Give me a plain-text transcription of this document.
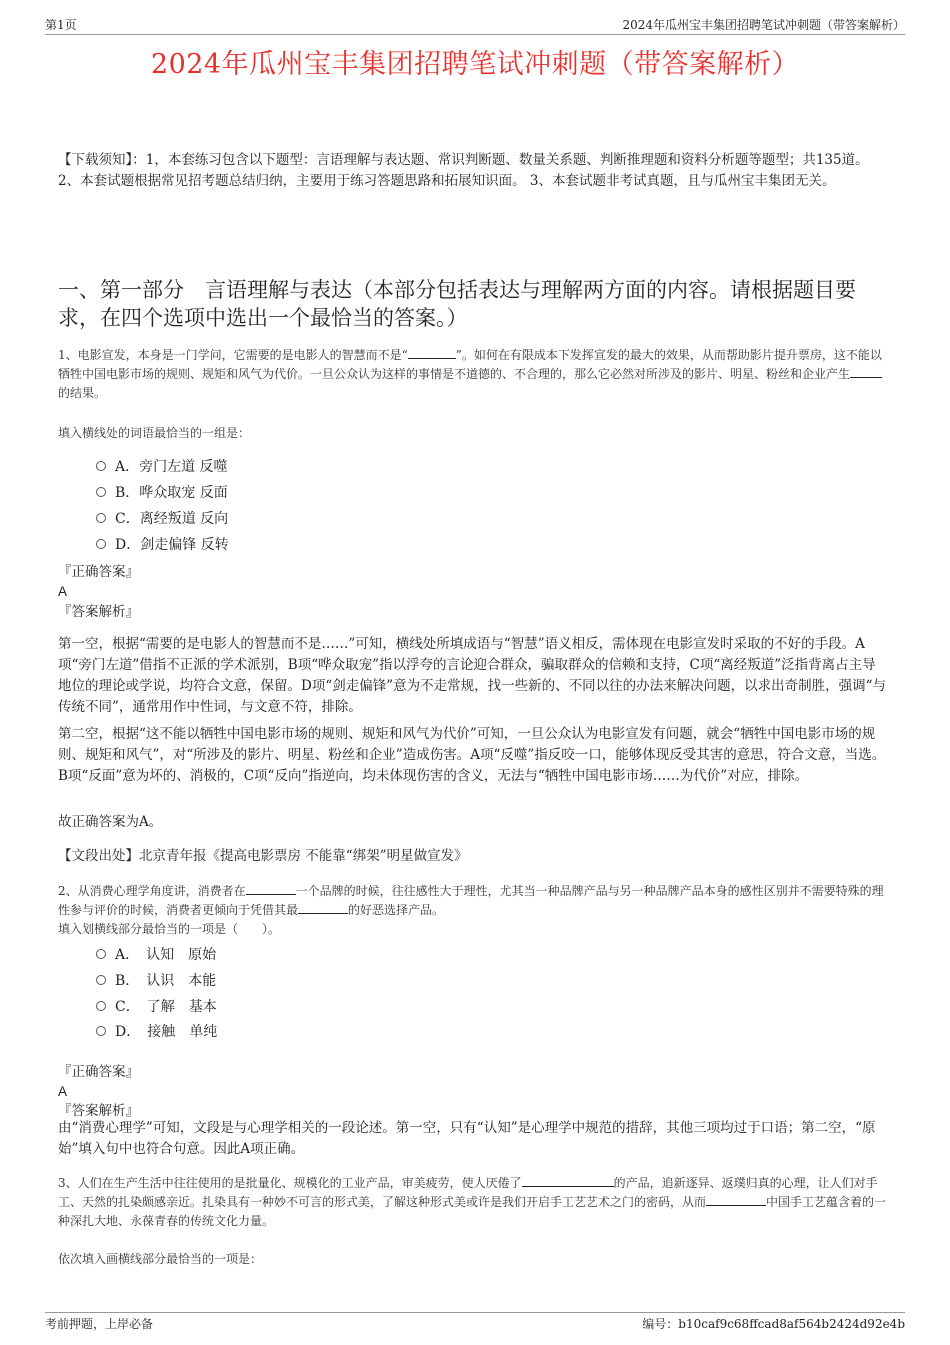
第1页	2024年瓜州宝丰集团招聘笔试冲刺题（带答案解析）
2024年瓜州宝丰集团招聘笔试冲刺题（带答案解析）
【下载须知】：1，本套练习包含以下题型：言语理解与表达题、常识判断题、数量关系题、判断推理题和资料分析题等题型；共135道。 2、本套试题根据常见招考题总结归纳，主要用于练习答题思路和拓展知识面。 3、本套试题非考试真题，且与瓜州宝丰集团无关。
一、第一部分　言语理解与表达（本部分包括表达与理解两方面的内容。请根据题目要求，在四个选项中选出一个最恰当的答案。）
1、电影宣发，本身是一门学问，它需要的是电影人的智慧而不是“	”。如何在有限成本下发挥宣发的最大的效果，从而帮助影片提升票房，这不能以牺牲中国电影市场的规则、规矩和风气为代价。一旦公众认为这样的事情是不道德的、不合理的，那么它必然对所涉及的影片、明星、粉丝和企业产生的结果。
填入横线处的词语最恰当的一组是：
A．旁门左道 反噬
B．哗众取宠 反面
C．离经叛道 反向
D．剑走偏锋 反转
『正确答案』
A
『答案解析』
第一空，根据“需要的是电影人的智慧而不是……”可知，横线处所填成语与“智慧”语义相反，需体现在电影宣发时采取的不好的手段。A项“旁门左道”借指不正派的学术派别，B项“哗众取宠”指以浮夸的言论迎合群众，骗取群众的信赖和支持，C项“离经叛道”泛指背离占主导地位的理论或学说，均符合文意，保留。D项“剑走偏锋”意为不走常规，找一些新的、不同以往的办法来解决问题，以求出奇制胜，强调“与传统不同”，通常用作中性词，与文意不符，排除。
第二空，根据“这不能以牺牲中国电影市场的规则、规矩和风气为代价”可知，一旦公众认为电影宣发有问题，就会“牺牲中国电影市场的规则、规矩和风气”，对“所涉及的影片、明星、粉丝和企业”造成伤害。A项“反噬”指反咬一口，能够体现反受其害的意思，符合文意，当选。B项“反面”意为坏的、消极的，C项“反向”指逆向，均未体现伤害的含义，无法与“牺牲中国电影市场……为代价”对应，排除。
故正确答案为A。
【文段出处】北京青年报《提高电影票房 不能靠“绑架”明星做宣发》
2、从消费心理学角度讲，消费者在	一个品牌的时候，往往感性大于理性，尤其当一种品牌产品与另一种品牌产品本身的感性区别并不需要特殊的理性参与评价的时候，消费者更倾向于凭借其最	的好恶选择产品。
填入划横线部分最恰当的一项是（　　）。
A．　认知　原始
B．　认识　本能
C．　了解　基本
D．　接触　单纯
『正确答案』
A
『答案解析』
由“消费心理学”可知，文段是与心理学相关的一段论述。第一空，只有“认知”是心理学中规范的措辞，其他三项均过于口语；第二空，“原始”填入句中也符合句意。因此A项正确。
3、人们在生产生活中往往使用的是批量化、规模化的工业产品，审美疲劳，使人厌倦了	的产品，追新逐异、返璞归真的心理，让人们对手工、天然的扎染颇感亲近。扎染具有一种妙不可言的形式美，了解这种形式美或许是我们开启手工艺艺术之门的密码，从而	中国手工艺蕴含着的一种深扎大地、永葆青春的传统文化力量。
依次填入画横线部分最恰当的一项是：
考前押题，上岸必备	编号：b10caf9c68ffcad8af564b2424d92e4b
